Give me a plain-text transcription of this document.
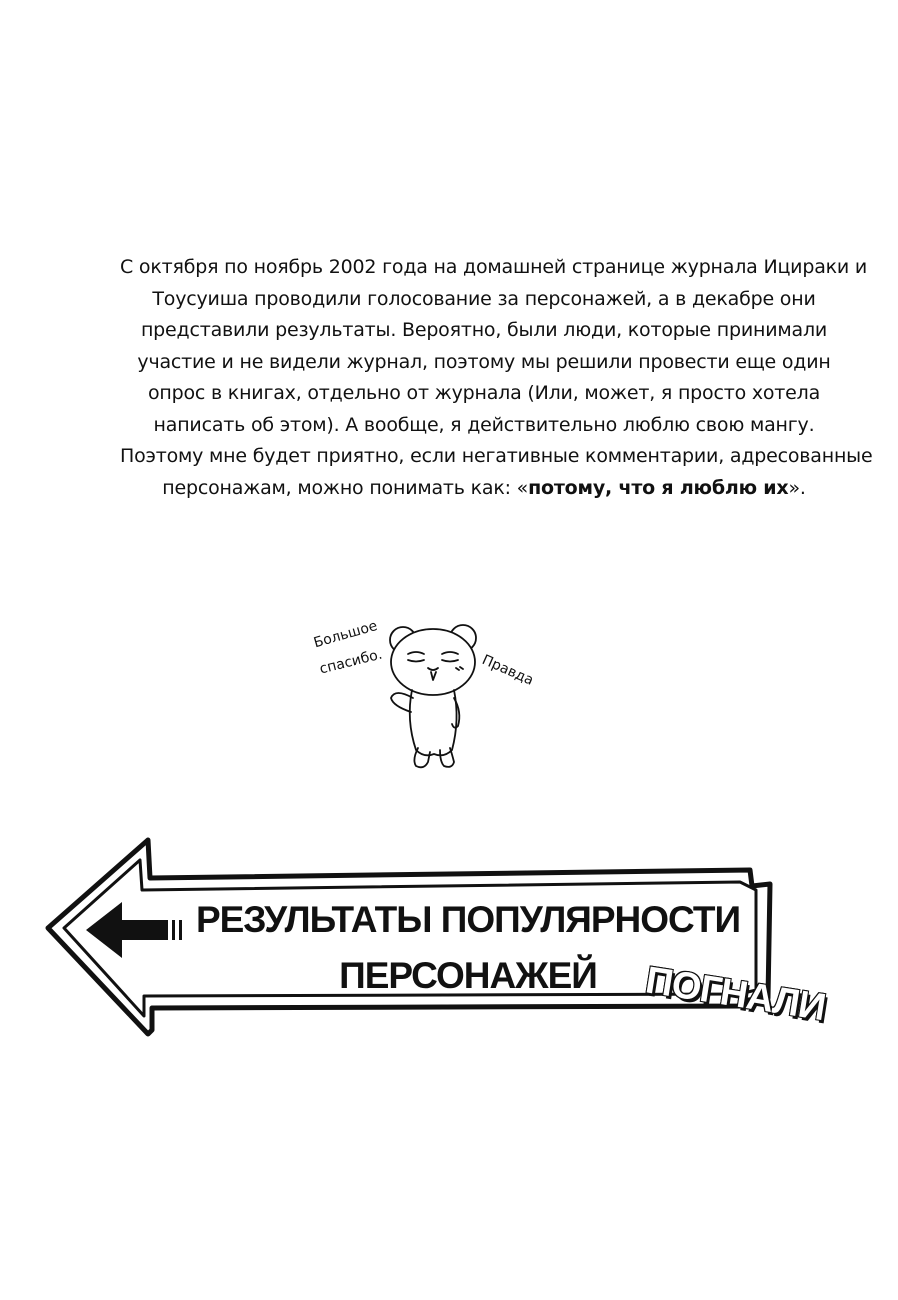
С октября по ноябрь 2002 года на домашней странице журнала Ицираки и
Тоусуиша проводили голосование за персонажей, а в декабре они
представили результаты. Вероятно, были люди, которые принимали
участие и не видели журнал, поэтому мы решили провести еще один
опрос в книгах, отдельно от журнала (Или, может, я просто хотела
написать об этом). А вообще, я действительно люблю свою мангу.
Поэтому мне будет приятно, если негативные комментарии, адресованные
персонажам, можно понимать как: «потому, что я люблю их».
Большое
спасибо.	Правда
РЕЗУЛЬТАТЫ ПОПУЛЯРНОСТИ
ПЕРСОНАЖЕЙ	ПОГНАЛИ
